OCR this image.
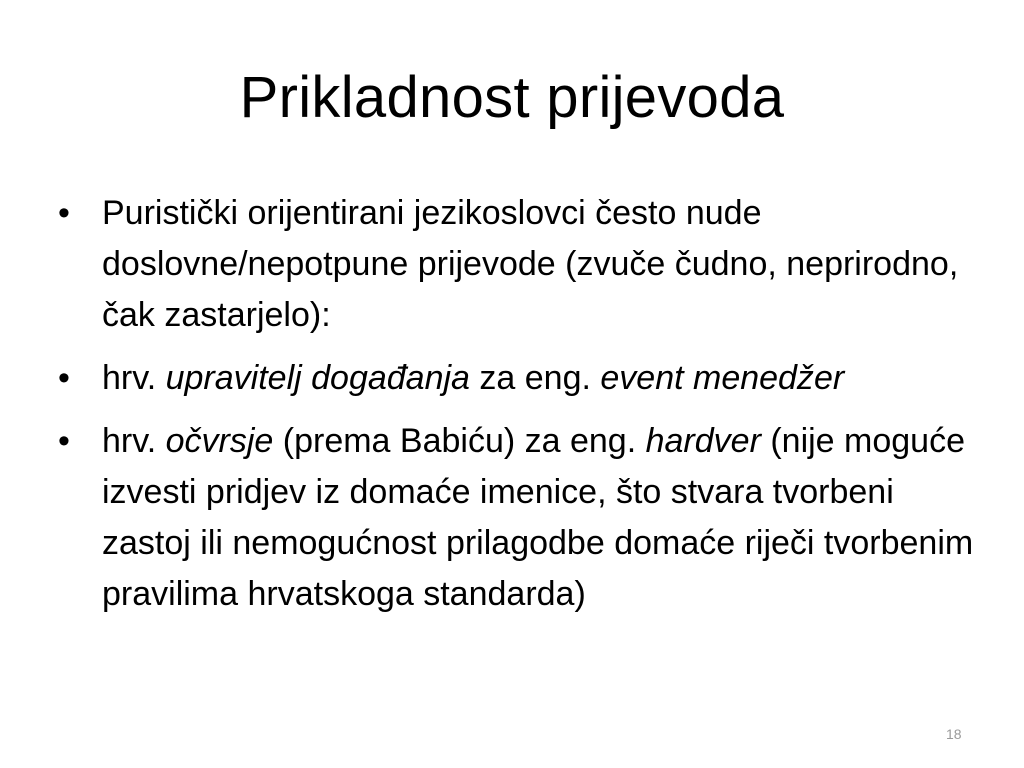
Prikladnost prijevoda
• Puristički orijentirani jezikoslovci često nude doslovne/nepotpune prijevode (zvuče čudno, neprirodno, čak zastarjelo):
• hrv. upravitelj događanja za eng. event menedžer
• hrv. očvrsje (prema Babiću) za eng. hardver (nije moguće izvesti pridjev iz domaće imenice, što stvara tvorbeni zastoj ili nemogućnost prilagodbe domaće riječi tvorbenim pravilima hrvatskoga standarda)
18
